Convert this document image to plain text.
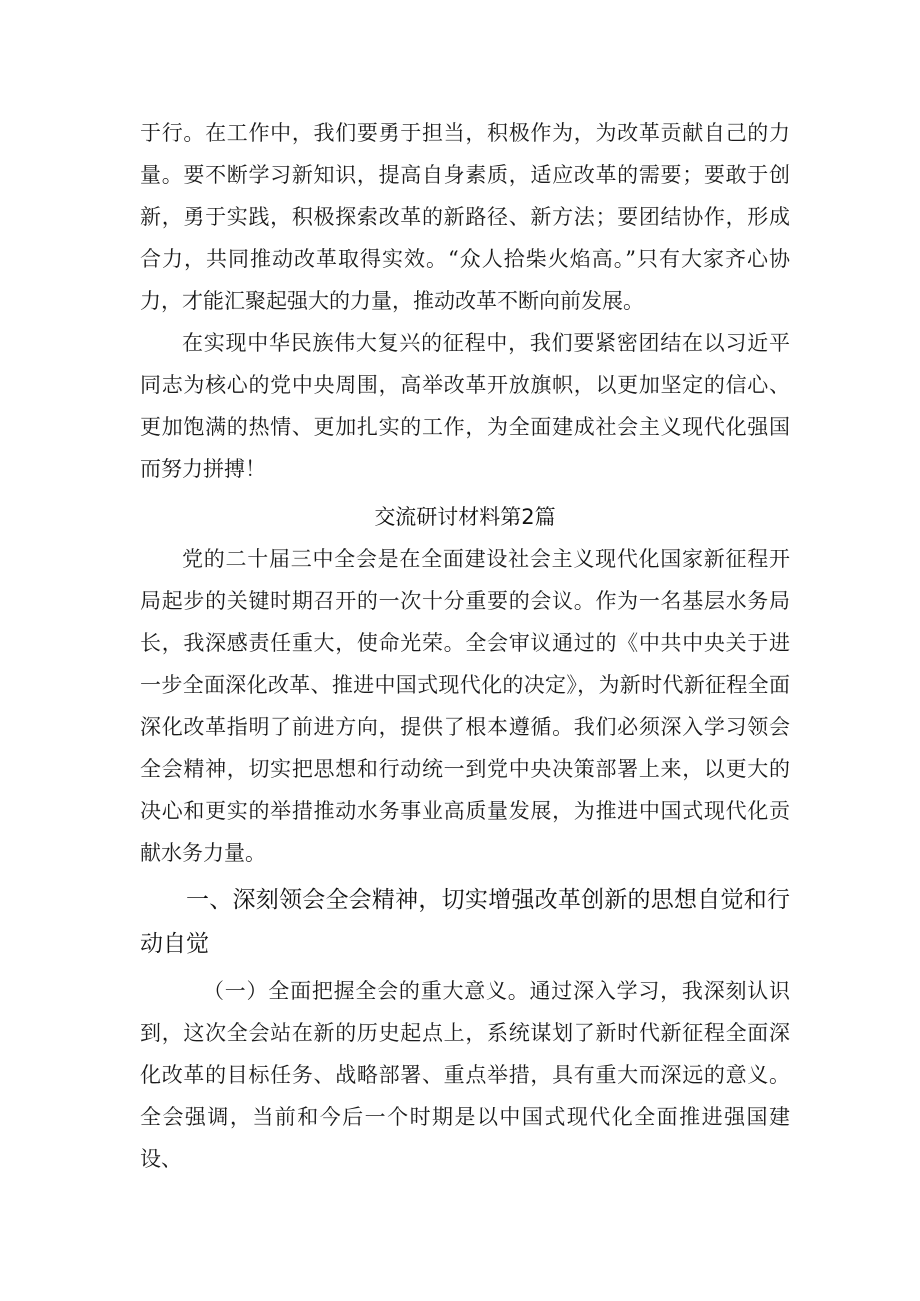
于行。在工作中，我们要勇于担当，积极作为，为改革贡献自己的力量。要不断学习新知识，提高自身素质，适应改革的需要；要敢于创新，勇于实践，积极探索改革的新路径、新方法；要团结协作，形成合力，共同推动改革取得实效。“众人拾柴火焰高。”只有大家齐心协力，才能汇聚起强大的力量，推动改革不断向前发展。

在实现中华民族伟大复兴的征程中，我们要紧密团结在以习近平同志为核心的党中央周围，高举改革开放旗帜，以更加坚定的信心、更加饱满的热情、更加扎实的工作，为全面建成社会主义现代化强国而努力拼搏！

交流研讨材料第2篇

党的二十届三中全会是在全面建设社会主义现代化国家新征程开局起步的关键时期召开的一次十分重要的会议。作为一名基层水务局长，我深感责任重大，使命光荣。全会审议通过的《中共中央关于进一步全面深化改革、推进中国式现代化的决定》，为新时代新征程全面深化改革指明了前进方向，提供了根本遵循。我们必须深入学习领会全会精神，切实把思想和行动统一到党中央决策部署上来，以更大的决心和更实的举措推动水务事业高质量发展，为推进中国式现代化贡献水务力量。

一、深刻领会全会精神，切实增强改革创新的思想自觉和行动自觉

（一）全面把握全会的重大意义。通过深入学习，我深刻认识到，这次全会站在新的历史起点上，系统谋划了新时代新征程全面深化改革的目标任务、战略部署、重点举措，具有重大而深远的意义。全会强调，当前和今后一个时期是以中国式现代化全面推进强国建设、
